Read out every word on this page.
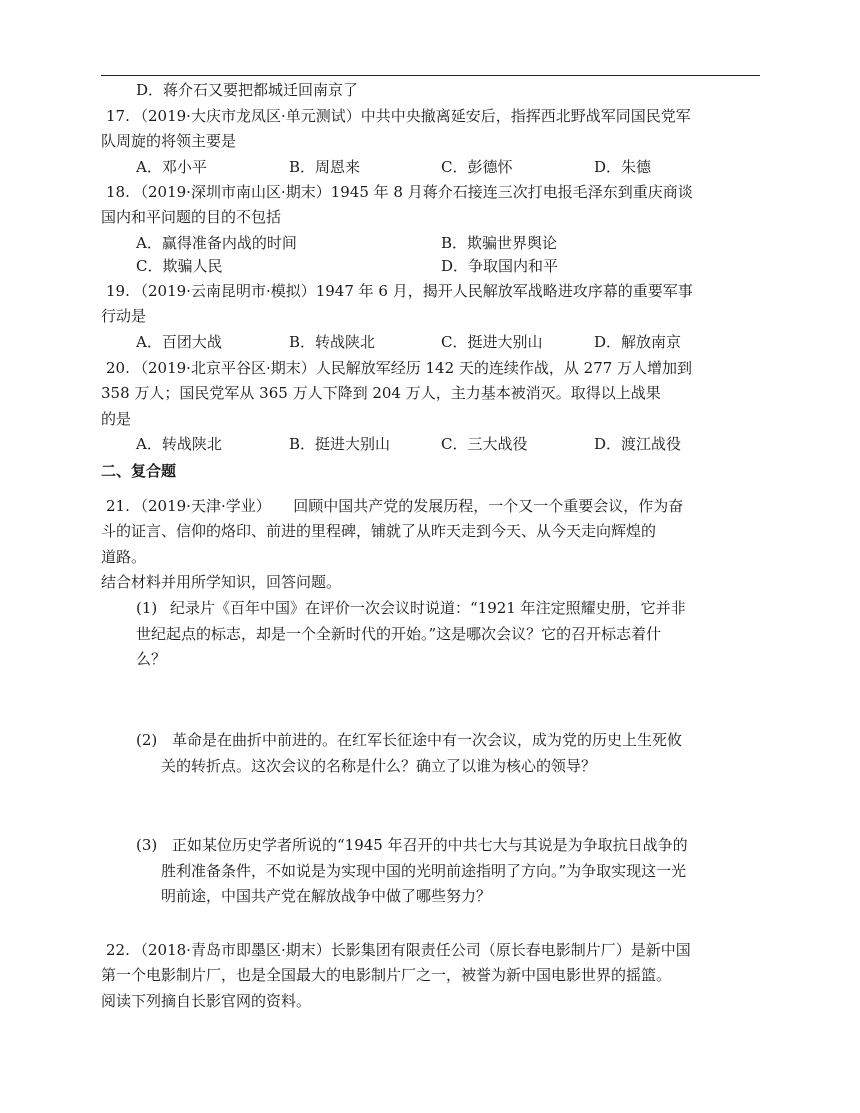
D．蒋介石又要把都城迁回南京了
17. （2019·大庆市龙凤区·单元测试）中共中央撤离延安后，指挥西北野战军同国民党军
队周旋的将领主要是
A．邓小平	B．周恩来	C．彭德怀	D．朱德
18. （2019·深圳市南山区·期末）1945 年 8 月蒋介石接连三次打电报毛泽东到重庆商谈
国内和平问题的目的不包括
A．赢得准备内战的时间	B．欺骗世界舆论
C．欺骗人民	D．争取国内和平
19. （2019·云南昆明市·模拟）1947 年 6 月，揭开人民解放军战略进攻序幕的重要军事
行动是
A．百团大战	B．转战陕北	C．挺进大别山	D．解放南京
20. （2019·北京平谷区·期末）人民解放军经历 142 天的连续作战，从 277 万人增加到
358 万人；国民党军从 365 万人下降到 204 万人，主力基本被消灭。取得以上战果
的是
A．转战陕北	B．挺进大别山	C．三大战役	D．渡江战役
二、复合题
21. （2019·天津·学业）　　回顾中国共产党的发展历程，一个又一个重要会议，作为奋
斗的证言、信仰的烙印、前进的里程碑，铺就了从昨天走到今天、从今天走向辉煌的
道路。
结合材料并用所学知识，回答问题。
(1) 纪录片《百年中国》在评价一次会议时说道：“1921 年注定照耀史册，它并非
世纪起点的标志，却是一个全新时代的开始。”这是哪次会议？它的召开标志着什
么？
(2) 革命是在曲折中前进的。在红军长征途中有一次会议，成为党的历史上生死攸
关的转折点。这次会议的名称是什么？确立了以谁为核心的领导？
(3) 正如某位历史学者所说的“1945 年召开的中共七大与其说是为争取抗日战争的
胜利准备条件，不如说是为实现中国的光明前途指明了方向。”为争取实现这一光
明前途，中国共产党在解放战争中做了哪些努力？
22. （2018·青岛市即墨区·期末）长影集团有限责任公司（原长春电影制片厂）是新中国
第一个电影制片厂，也是全国最大的电影制片厂之一，被誉为新中国电影世界的摇篮。
阅读下列摘自长影官网的资料。
